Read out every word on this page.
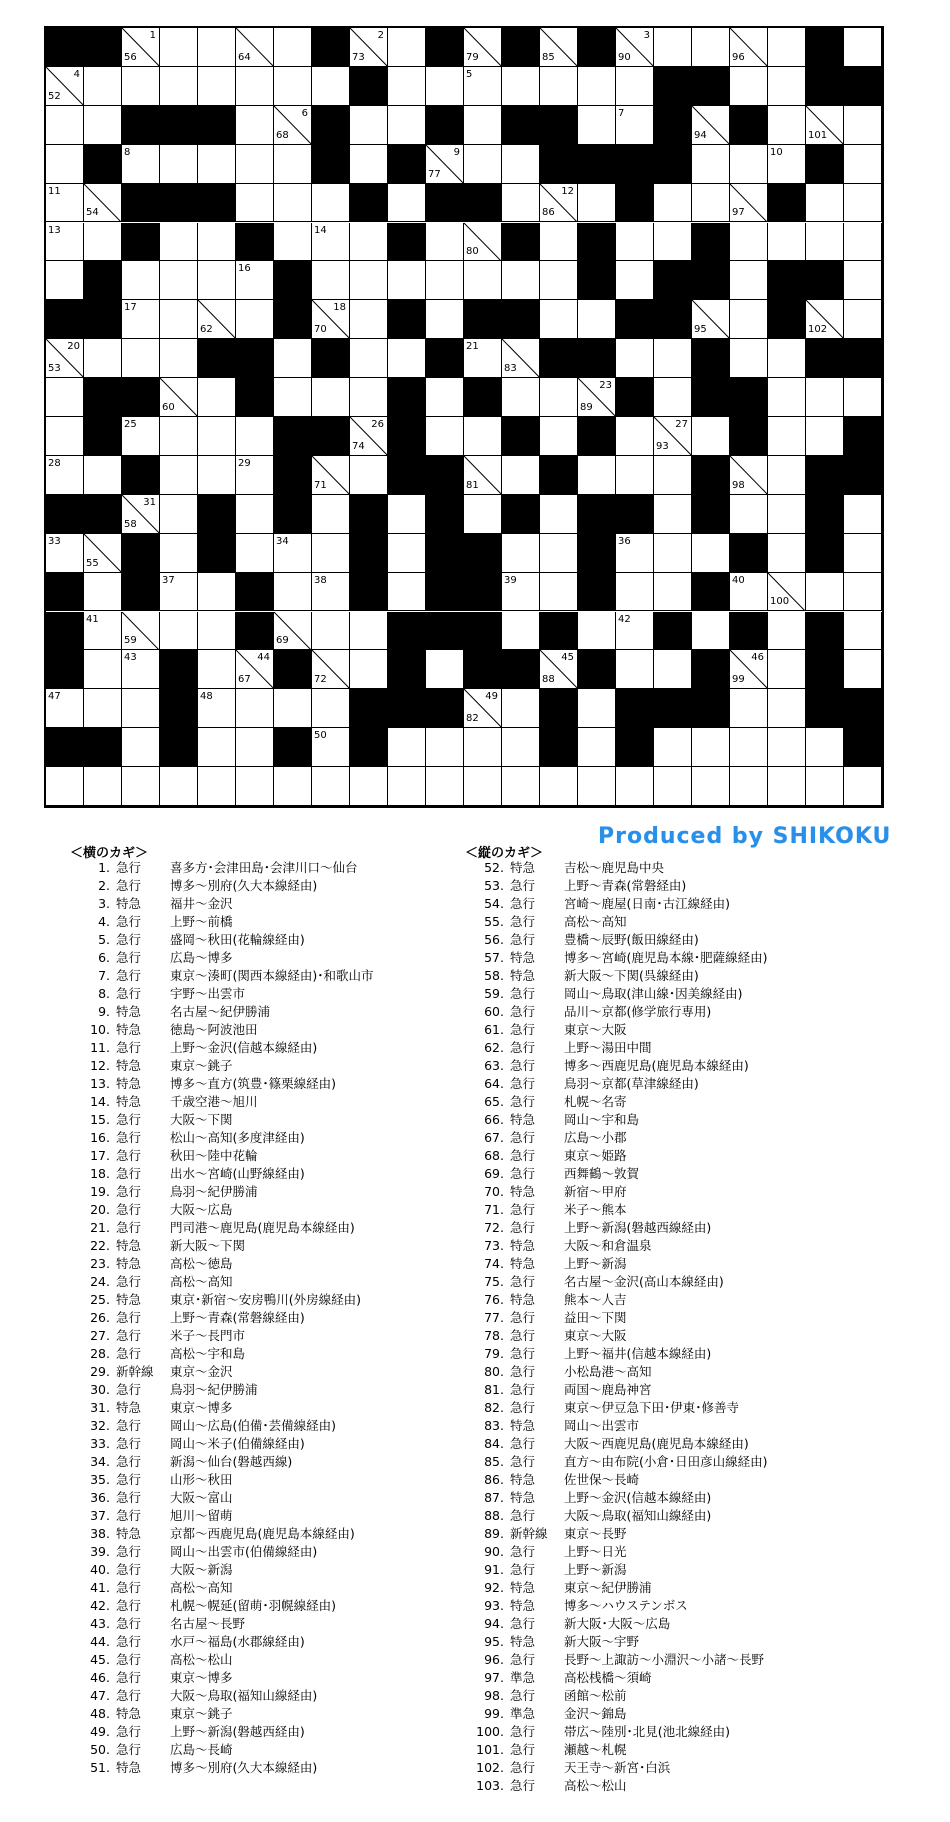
1
56	64
2
73	79	85
3
90	96
4
52
5
61
6
68
7
94	101
8	9
77
10
11
54
12
86	91	97
13
57	65
14
80
15
16
17
62
18
70	76
19
95	102
20
53
21
83
60
22
66
23
89
24
25	26
74
27
93
28	29
71	81
30
87	98
31
58	63
32
78	84	103
33
55
34
75
35	36
37	38	39	40
100
41
59	69
42
43	44
67	72
45
88
46
99
47	48	49
82	92
50	51
Produced by SHIKOKU
＜横のカギ＞
1. 急行	喜多方･会津田島･会津川口～仙台
2. 急行	博多～別府(久大本線経由)
3. 特急	福井～金沢
4. 急行	上野～前橋
5. 急行	盛岡～秋田(花輪線経由)
6. 急行	広島～博多
7. 急行	東京～湊町(関西本線経由)･和歌山市
8. 急行	宇野～出雲市
9. 特急	名古屋～紀伊勝浦
10. 特急	徳島～阿波池田
11. 急行	上野～金沢(信越本線経由)
12. 特急	東京～銚子
13. 特急	博多～直方(筑豊･篠栗線経由)
14. 特急	千歳空港～旭川
15. 急行	大阪～下関
16. 急行	松山～高知(多度津経由)
17. 急行	秋田～陸中花輪
18. 急行	出水～宮崎(山野線経由)
19. 急行	鳥羽～紀伊勝浦
20. 急行	大阪～広島
21. 急行	門司港～鹿児島(鹿児島本線経由)
22. 特急	新大阪～下関
23. 特急	高松～徳島
24. 急行	高松～高知
25. 特急	東京･新宿～安房鴨川(外房線経由)
26. 急行	上野～青森(常磐線経由)
27. 急行	米子～長門市
28. 急行	高松～宇和島
29. 新幹線	東京～金沢
30. 急行	鳥羽～紀伊勝浦
31. 特急	東京～博多
32. 急行	岡山～広島(伯備･芸備線経由)
33. 急行	岡山～米子(伯備線経由)
34. 急行	新潟～仙台(磐越西線)
35. 急行	山形～秋田
36. 急行	大阪～富山
37. 急行	旭川～留萌
38. 特急	京都～西鹿児島(鹿児島本線経由)
39. 急行	岡山～出雲市(伯備線経由)
40. 急行	大阪～新潟
41. 急行	高松～高知
42. 急行	札幌～幌延(留萌･羽幌線経由)
43. 急行	名古屋～長野
44. 急行	水戸～福島(水郡線経由)
45. 急行	高松～松山
46. 急行	東京～博多
47. 急行	大阪～鳥取(福知山線経由)
48. 特急	東京～銚子
49. 急行	上野～新潟(磐越西経由)
50. 急行	広島～長崎
51. 特急	博多～別府(久大本線経由)
＜縦のカギ＞
52. 特急	吉松～鹿児島中央
53. 急行	上野～青森(常磐経由)
54. 急行	宮崎～鹿屋(日南･古江線経由)
55. 急行	高松～高知
56. 急行	豊橋～辰野(飯田線経由)
57. 特急	博多～宮崎(鹿児島本線･肥薩線経由)
58. 特急	新大阪～下関(呉線経由)
59. 急行	岡山～鳥取(津山線･因美線経由)
60. 急行	品川～京都(修学旅行専用)
61. 急行	東京～大阪
62. 急行	上野～湯田中間
63. 急行	博多～西鹿児島(鹿児島本線経由)
64. 急行	鳥羽～京都(草津線経由)
65. 急行	札幌～名寄
66. 特急	岡山～宇和島
67. 急行	広島～小郡
68. 急行	東京～姫路
69. 急行	西舞鶴～敦賀
70. 特急	新宿～甲府
71. 急行	米子～熊本
72. 急行	上野～新潟(磐越西線経由)
73. 特急	大阪～和倉温泉
74. 特急	上野～新潟
75. 急行	名古屋～金沢(高山本線経由)
76. 特急	熊本～人吉
77. 急行	益田～下関
78. 急行	東京～大阪
79. 急行	上野～福井(信越本線経由)
80. 急行	小松島港～高知
81. 急行	両国～鹿島神宮
82. 急行	東京～伊豆急下田･伊東･修善寺
83. 特急	岡山～出雲市
84. 急行	大阪～西鹿児島(鹿児島本線経由)
85. 急行	直方～由布院(小倉･日田彦山線経由)
86. 特急	佐世保～長崎
87. 特急	上野～金沢(信越本線経由)
88. 急行	大阪～鳥取(福知山線経由)
89. 新幹線	東京～長野
90. 急行	上野～日光
91. 急行	上野～新潟
92. 特急	東京～紀伊勝浦
93. 特急	博多～ハウステンボス
94. 急行	新大阪･大阪～広島
95. 特急	新大阪～宇野
96. 急行	長野～上諏訪～小淵沢～小諸～長野
97. 準急	高松桟橋～須崎
98. 急行	函館～松前
99. 準急	金沢～錦島
100. 急行	帯広～陸別･北見(池北線経由)
101. 急行	瀬越～札幌
102. 急行	天王寺～新宮･白浜
103. 急行	高松～松山
